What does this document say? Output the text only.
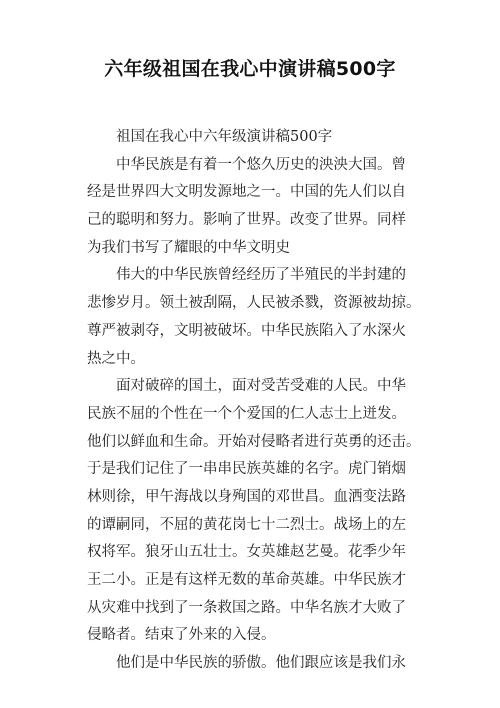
六年级祖国在我心中演讲稿500字
祖国在我心中六年级演讲稿500字
中华民族是有着一个悠久历史的泱泱大国。曾
经是世界四大文明发源地之一。中国的先人们以自
己的聪明和努力。影响了世界。改变了世界。同样
为我们书写了耀眼的中华文明史
伟大的中华民族曾经经历了半殖民的半封建的
悲惨岁月。领土被刮隔，人民被杀戮，资源被劫掠。
尊严被剥夺，文明被破坏。中华民族陷入了水深火
热之中。
面对破碎的国土，面对受苦受难的人民。中华
民族不屈的个性在一个个爱国的仁人志士上迸发。
他们以鲜血和生命。开始对侵略者进行英勇的还击。
于是我们记住了一串串民族英雄的名字。虎门销烟
林则徐，甲午海战以身殉国的邓世昌。血洒变法路
的谭嗣同，不屈的黄花岗七十二烈士。战场上的左
权将军。狼牙山五壮士。女英雄赵艺曼。花季少年
王二小。正是有这样无数的革命英雄。中华民族才
从灾难中找到了一条救国之路。中华名族才大败了
侵略者。结束了外来的入侵。
他们是中华民族的骄傲。他们跟应该是我们永
